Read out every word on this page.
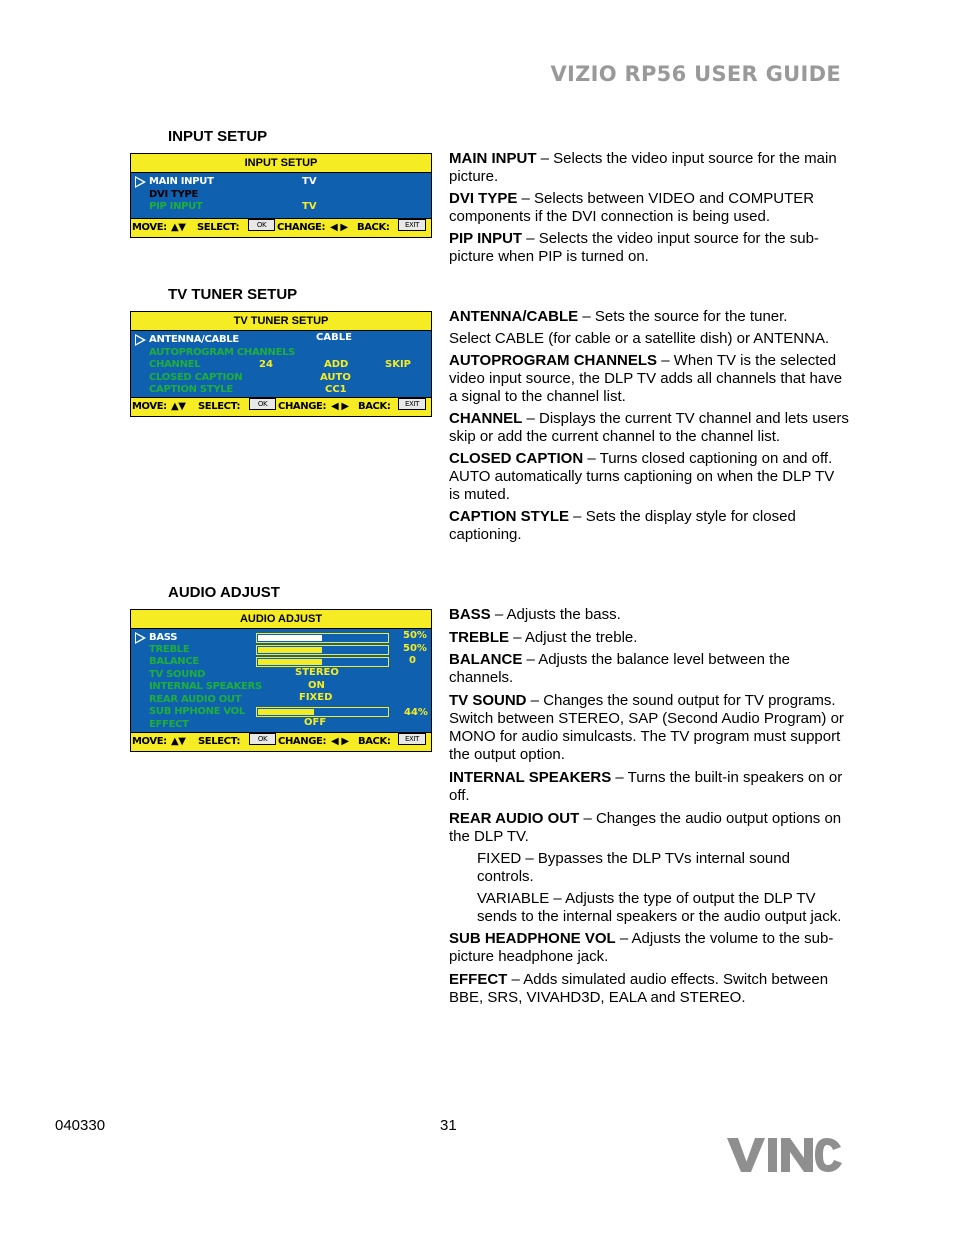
VIZIO RP56 USER GUIDE
INPUT SETUP
INPUT SETUP
MAIN INPUT	TV
DVI TYPE
PIP INPUT	TV
MOVE: ▲▼ SELECT:	OK	CHANGE: ◀ ▶ BACK:	EXIT

MAIN INPUT – Selects the video input source for the main picture.

DVI TYPE – Selects between VIDEO and COMPUTER components if the DVI connection is being used.

PIP INPUT – Selects the video input source for the sub-picture when PIP is turned on.

TV TUNER SETUP
TV TUNER SETUP
ANTENNA/CABLE	CABLE
AUTOPROGRAM CHANNELS
CHANNEL	24	ADD	SKIP
CLOSED CAPTION	AUTO
CAPTION STYLE	CC1
MOVE: ▲▼ SELECT:	OK	CHANGE: ◀ ▶ BACK:	EXIT

ANTENNA/CABLE – Sets the source for the tuner.

Select CABLE (for cable or a satellite dish) or ANTENNA.

AUTOPROGRAM CHANNELS – When TV is the selected video input source, the DLP TV adds all channels that have a signal to the channel list.

CHANNEL – Displays the current TV channel and lets users skip or add the current channel to the channel list.

CLOSED CAPTION – Turns closed captioning on and off. AUTO automatically turns captioning on when the DLP TV is muted.

CAPTION STYLE – Sets the display style for closed captioning.

AUDIO ADJUST
AUDIO ADJUST
BASS	50%
TREBLE	50%
BALANCE	0
TV SOUND	STEREO
INTERNAL SPEAKERS	ON
REAR AUDIO OUT	FIXED
SUB HPHONE VOL	44%
EFFECT	OFF
MOVE: ▲▼ SELECT:	OK	CHANGE: ◀ ▶ BACK:	EXIT

BASS – Adjusts the bass.

TREBLE – Adjust the treble.

BALANCE – Adjusts the balance level between the channels.

TV SOUND – Changes the sound output for TV programs. Switch between STEREO, SAP (Second Audio Program) or MONO for audio simulcasts. The TV program must support the output option.

INTERNAL SPEAKERS – Turns the built-in speakers on or off.

REAR AUDIO OUT – Changes the audio output options on the DLP TV.

FIXED – Bypasses the DLP TVs internal sound controls.

VARIABLE – Adjusts the type of output the DLP TV sends to the internal speakers or the audio output jack.

SUB HEADPHONE VOL – Adjusts the volume to the sub-picture headphone jack.

EFFECT – Adds simulated audio effects. Switch between BBE, SRS, VIVAHD3D, EALA and STEREO.

040330	31
